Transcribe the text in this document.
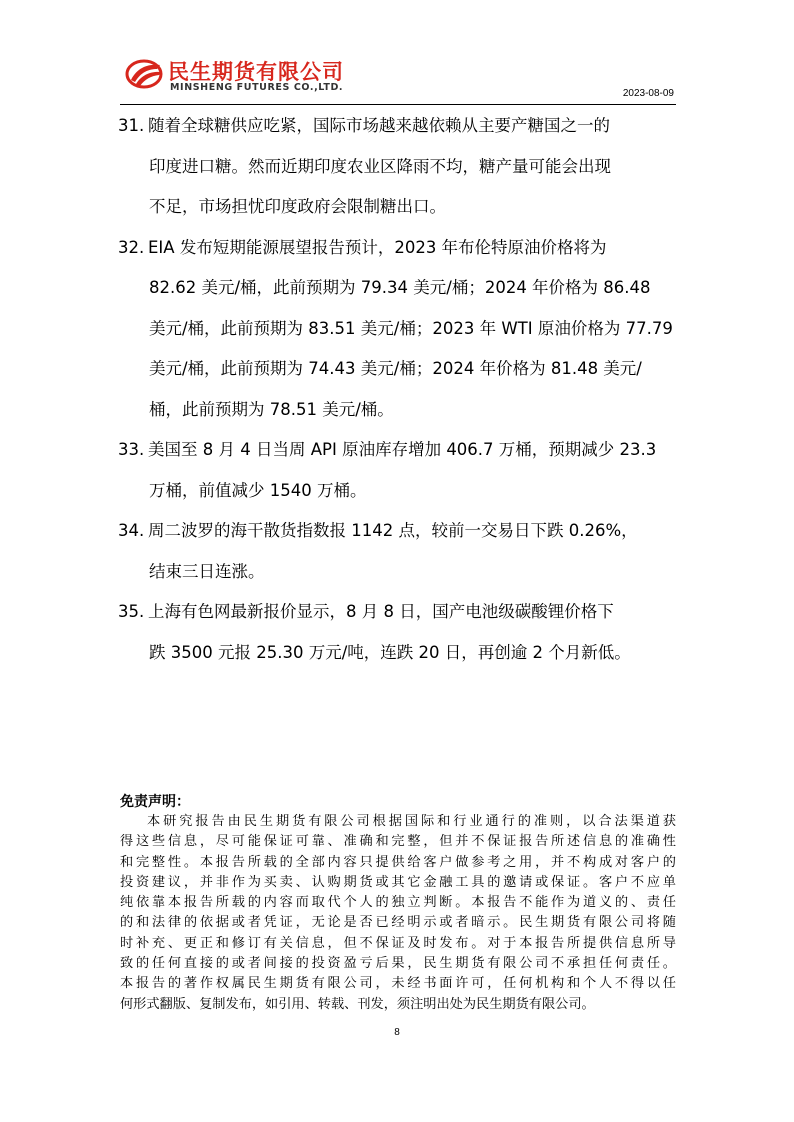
民生期货有限公司
MINSHENG FUTURES CO.,LTD.
2023-08-09
31. 随着全球糖供应吃紧，国际市场越来越依赖从主要产糖国之一的
印度进口糖。然而近期印度农业区降雨不均，糖产量可能会出现
不足，市场担忧印度政府会限制糖出口。
32. EIA 发布短期能源展望报告预计，2023 年布伦特原油价格将为
82.62 美元/桶，此前预期为 79.34 美元/桶；2024 年价格为 86.48
美元/桶，此前预期为 83.51 美元/桶；2023 年 WTI 原油价格为 77.79
美元/桶，此前预期为 74.43 美元/桶；2024 年价格为 81.48 美元/
桶，此前预期为 78.51 美元/桶。
33. 美国至 8 月 4 日当周 API 原油库存增加 406.7 万桶，预期减少 23.3
万桶，前值减少 1540 万桶。
34. 周二波罗的海干散货指数报 1142 点，较前一交易日下跌 0.26%，
结束三日连涨。
35. 上海有色网最新报价显示，8 月 8 日，国产电池级碳酸锂价格下
跌 3500 元报 25.30 万元/吨，连跌 20 日，再创逾 2 个月新低。
免责声明：

本研究报告由民生期货有限公司根据国际和行业通行的准则，以合法渠道获

得这些信息，尽可能保证可靠、准确和完整，但并不保证报告所述信息的准确性

和完整性。本报告所载的全部内容只提供给客户做参考之用，并不构成对客户的

投资建议，并非作为买卖、认购期货或其它金融工具的邀请或保证。客户不应单

纯依靠本报告所载的内容而取代个人的独立判断。本报告不能作为道义的、责任

的和法律的依据或者凭证，无论是否已经明示或者暗示。民生期货有限公司将随

时补充、更正和修订有关信息，但不保证及时发布。对于本报告所提供信息所导

致的任何直接的或者间接的投资盈亏后果，民生期货有限公司不承担任何责任。

本报告的著作权属民生期货有限公司，未经书面许可，任何机构和个人不得以任

何形式翻版、复制发布，如引用、转载、刊发，须注明出处为民生期货有限公司。

8
